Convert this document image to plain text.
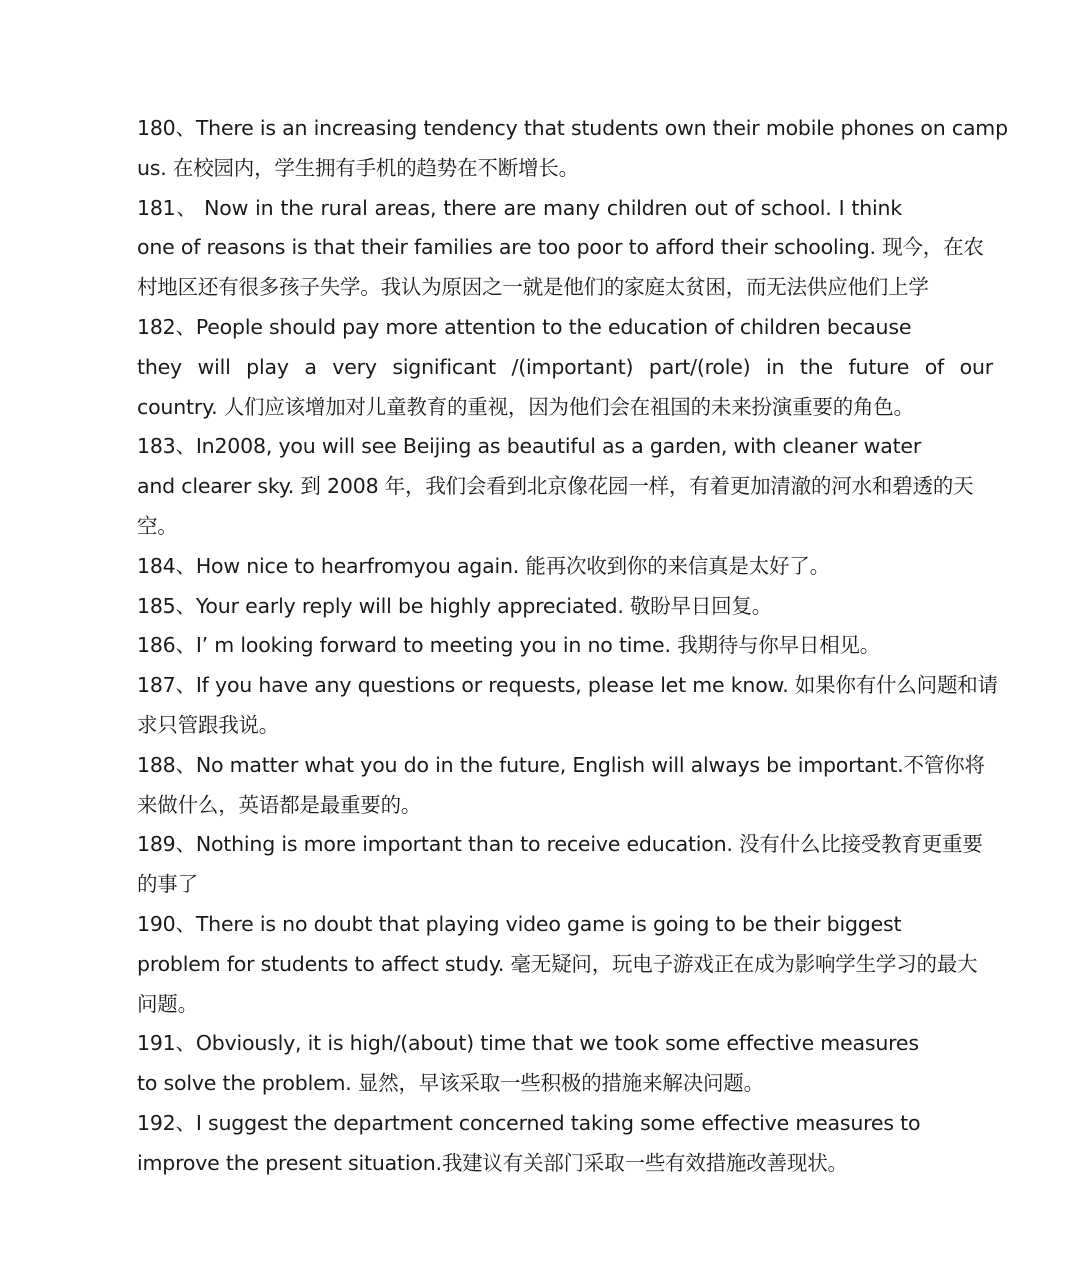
180、There is an increasing tendency that students own their mobile phones on camp
us. 在校园内，学生拥有手机的趋势在不断增长。
181、 Now in the rural areas, there are many children out of school. I think
one of reasons is that their families are too poor to afford their schooling. 现今，在农
村地区还有很多孩子失学。我认为原因之一就是他们的家庭太贫困，而无法供应他们上学
182、People should pay more attention to the education of children because
they will play a very significant /(important) part/(role) in the future of our
country. 人们应该增加对儿童教育的重视，因为他们会在祖国的未来扮演重要的角色。
183、In2008, you will see Beijing as beautiful as a garden, with cleaner water
and clearer sky. 到 2008 年，我们会看到北京像花园一样，有着更加清澈的河水和碧透的天
空。
184、How nice to hearfromyou again. 能再次收到你的来信真是太好了。
185、Your early reply will be highly appreciated. 敬盼早日回复。
186、I’ m looking forward to meeting you in no time. 我期待与你早日相见。
187、If you have any questions or requests, please let me know. 如果你有什么问题和请
求只管跟我说。
188、No matter what you do in the future, English will always be important.不管你将
来做什么，英语都是最重要的。
189、Nothing is more important than to receive education. 没有什么比接受教育更重要
的事了
190、There is no doubt that playing video game is going to be their biggest
problem for students to affect study. 毫无疑问，玩电子游戏正在成为影响学生学习的最大
问题。
191、Obviously, it is high/(about) time that we took some effective measures
to solve the problem. 显然，早该采取一些积极的措施来解决问题。
192、I suggest the department concerned taking some effective measures to
improve the present situation.我建议有关部门采取一些有效措施改善现状。
